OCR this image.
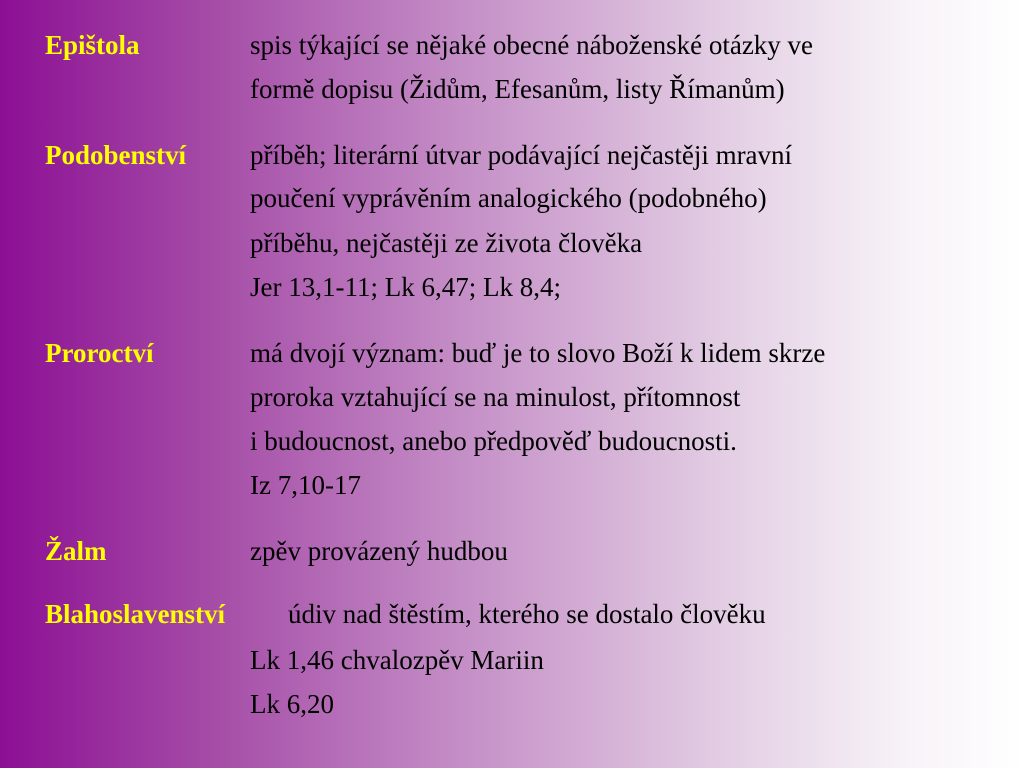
Epištola	spis týkající se nějaké obecné náboženské otázky ve
formě dopisu (Židům, Efesanům, listy Římanům)
Podobenství příběh; literární útvar podávající nejčastěji mravní
poučení vyprávěním analogického (podobného)
příběhu, nejčastěji ze života člověka
Jer 13,1-11; Lk 6,47; Lk 8,4;
Proroctví	má dvojí význam: buď je to slovo Boží k lidem skrze
proroka vztahující se na minulost, přítomnost
i budoucnost, anebo předpověď budoucnosti.
Iz 7,10-17
Žalm	zpěv provázený hudbou
Blahoslavenství údiv nad štěstím, kterého se dostalo člověku
Lk 1,46 chvalozpěv Mariin
Lk 6,20
